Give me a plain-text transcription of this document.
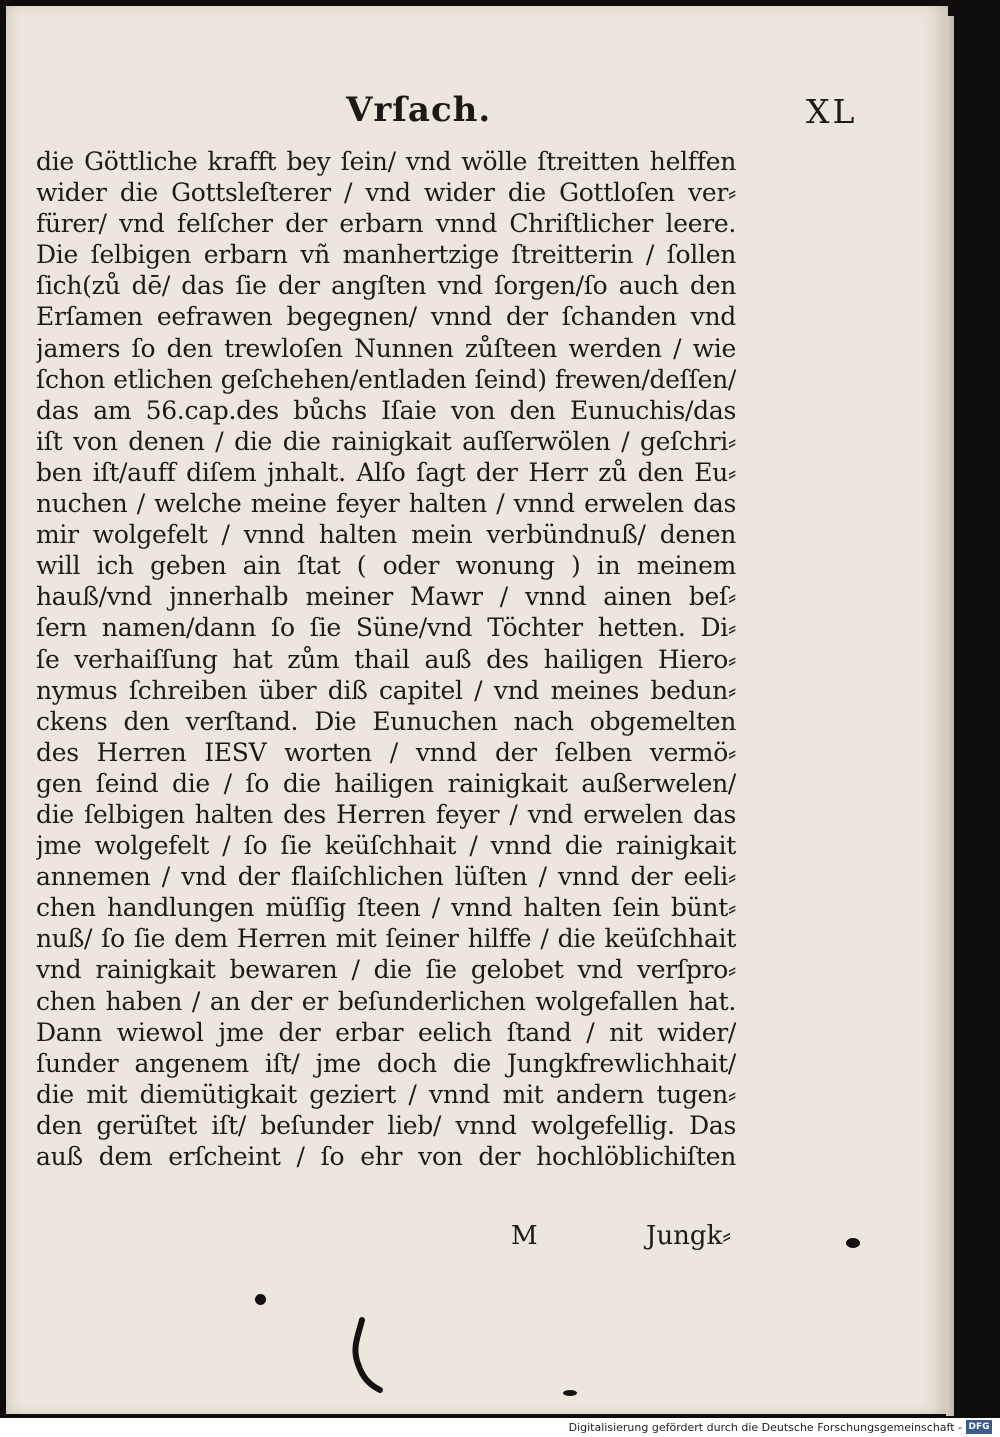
Vrſach.	XL
die Göttliche krafft bey ſein/ vnd wölle ſtreitten helffen
wider die Gottsleſterer / vnd wider die Gottloſen ver⸗
fürer/ vnd felſcher der erbarn vnnd Chriſtlicher leere.
Die ſelbigen erbarn vñ manhertzige ſtreitterin / ſollen
ſich(zů dē/ das ſie der angſten vnd ſorgen/ſo auch den
Erſamen eefrawen begegnen/ vnnd der ſchanden vnd
jamers ſo den trewloſen Nunnen zůſteen werden / wie
ſchon etlichen geſchehen/entladen ſeind) frewen/deſſen/
das am 56.cap.des bůchs Iſaie von den Eunuchis/das
iſt von denen / die die rainigkait auſſerwölen / geſchri⸗
ben iſt/auff diſem jnhalt. Alſo ſagt der Herr zů den Eu⸗
nuchen / welche meine feyer halten / vnnd erwelen das
mir wolgefelt / vnnd halten mein verbündnuß/ denen
will ich geben ain ſtat ( oder wonung ) in meinem
hauß/vnd jnnerhalb meiner Mawr / vnnd ainen beſ⸗
ſern namen/dann ſo ſie Süne/vnd Töchter hetten. Di⸗
ſe verhaiſſung hat zům thail auß des hailigen Hiero⸗
nymus ſchreiben über diß capitel / vnd meines bedun⸗
ckens den verſtand. Die Eunuchen nach obgemelten
des Herren IESV worten / vnnd der ſelben vermö⸗
gen ſeind die / ſo die hailigen rainigkait außerwelen/
die ſelbigen halten des Herren feyer / vnd erwelen das
jme wolgefelt / ſo ſie keüſchhait / vnnd die rainigkait
annemen / vnd der flaiſchlichen lüſten / vnnd der eeli⸗
chen handlungen müſſig ſteen / vnnd halten ſein bünt⸗
nuß/ ſo ſie dem Herren mit ſeiner hilffe / die keüſchhait
vnd rainigkait bewaren / die ſie gelobet vnd verſpro⸗
chen haben / an der er beſunderlichen wolgefallen hat.
Dann wiewol jme der erbar eelich ſtand / nit wider/
ſunder angenem iſt/ jme doch die Jungkfrewlichhait/
die mit diemütigkait geziert / vnnd mit andern tugen⸗
den gerüſtet iſt/ beſunder lieb/ vnnd wolgefellig. Das
auß dem erſcheint / ſo ehr von der hochlöblichiſten
M	Jungk⸗
Digitalisierung gefördert durch die Deutsche Forschungsgemeinschaft - DFG
